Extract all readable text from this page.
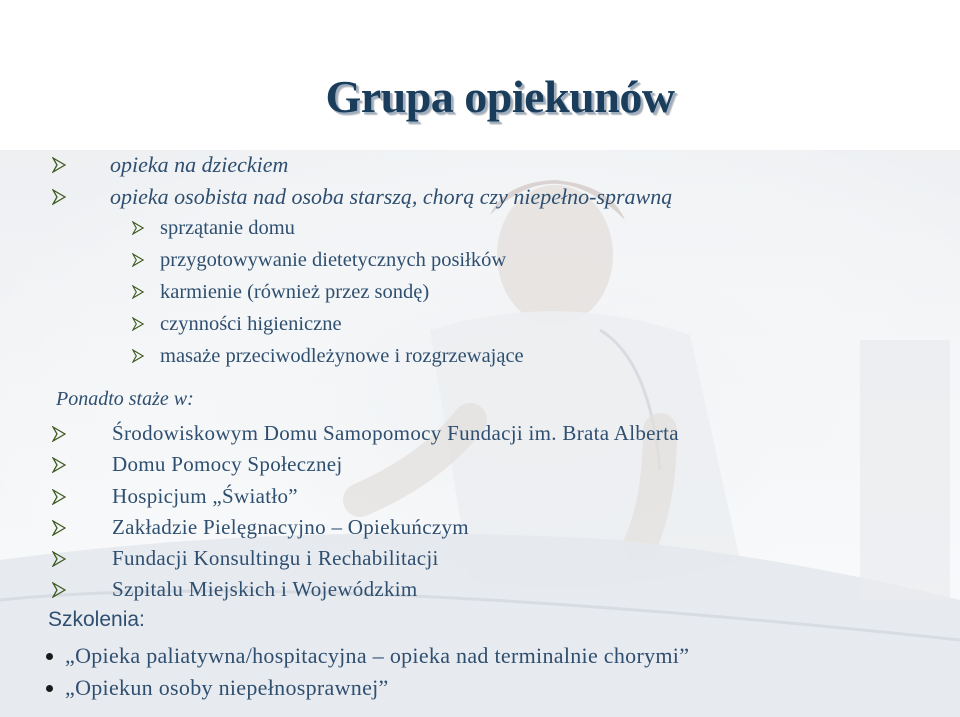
Grupa opiekunów
opieka na dzieckiem
opieka osobista nad osoba starszą, chorą czy niepełno-sprawną
sprzątanie domu
przygotowywanie dietetycznych posiłków
karmienie (również przez sondę)
czynności higieniczne
masaże przeciwodleżynowe i rozgrzewające
Ponadto staże w:
Środowiskowym Domu Samopomocy Fundacji im. Brata Alberta
Domu Pomocy Społecznej
Hospicjum „Światło”
Zakładzie Pielęgnacyjno – Opiekuńczym
Fundacji Konsultingu i Rechabilitacji
Szpitalu Miejskich i Wojewódzkim
Szkolenia:
„Opieka paliatywna/hospitacyjna – opieka nad terminalnie chorymi”
„Opiekun osoby niepełnosprawnej”
